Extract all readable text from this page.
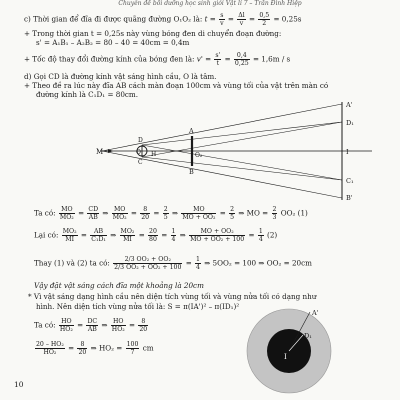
Chuyên đề bồi dưỡng học sinh giỏi Vật lí 7 – Trần Đình Hiệp
c) Thời gian để đĩa đi được quãng đường O₁O₂ là: $t = \frac{s}{v} = \frac{\Delta l}{v} = \frac{0,5}{2} = 0,25s$
+ Trong thời gian t = 0,25s này vùng bóng đen di chuyển đoạn đường:
s' = A₁B₁ – A₂B₂ = 80 – 40 = 40cm = 0,4m
+ Tốc độ thay đổi đường kính của bóng đen là: $v' = \frac{s'}{t} = \frac{0,4}{0,25} = 1,6m / s$
d) Gọi CD là đường kính vật sáng hình cầu, O là tâm.
+ Theo đề ra lúc này đĩa AB cách màn đoạn 100cm và vùng tối của vật trên màn có
đường kính là C₁D₁ = 80cm.
M	O
D
C
H
A
B
O₂
A'
D₁
I
C₁
B'
Ta có: $\frac{MO}{\text{MO₂}} = \frac{CD}{AB}$ ⇒ $\frac{MO}{\text{MO₂}} = \frac{8}{20} = \frac{2}{5}$ ⇒ $\frac{MO}{\text{MO + OO₂}} = \frac{2}{5}$ ⇒ MO = $\frac{2}{3} OO_2$ (1)
Lại có: $\frac{\text{MO₂}}{MI} = \frac{AB}{\text{C₁D₁}}$ ⇒ $\frac{\text{MO₂}}{MI} = \frac{20}{80} = \frac{1}{4}$ ⇒ $\frac{\text{MO + OO₂}}{\text{MO + OO₂ + 100}} = \frac{1}{4} (2)$
Thay (1) và (2) ta có: $\frac{\text{2/3 OO₂ + OO₂}}{\text{2/3 OO₂ + OO₂ + 100}} = \frac{1}{4}$ ⇒ 5OO₂ = 100 ⇒ OO₂ = 20cm
Vậy đặt vật sáng cách đĩa một khoảng là 20cm
* Vì vật sáng dạng hình cầu nên diện tích vùng tối và vùng nửa tối có dạng như
hình. Nên diện tích vùng nửa tối là: S = π(IA')² – π(ID₁)²
Ta có: $\frac{HO}{\text{HO₂}} = \frac{DC}{AB}$ ⇒ $\frac{HO}{\text{HO₂}} = \frac{8}{20}$
$\frac{\text{20 – HO₂}}{\text{HO₂}} = \frac{8}{20}$ ⇒ $HO_2 = \frac{100}{7}$ cm
A'
D₁
I
10
